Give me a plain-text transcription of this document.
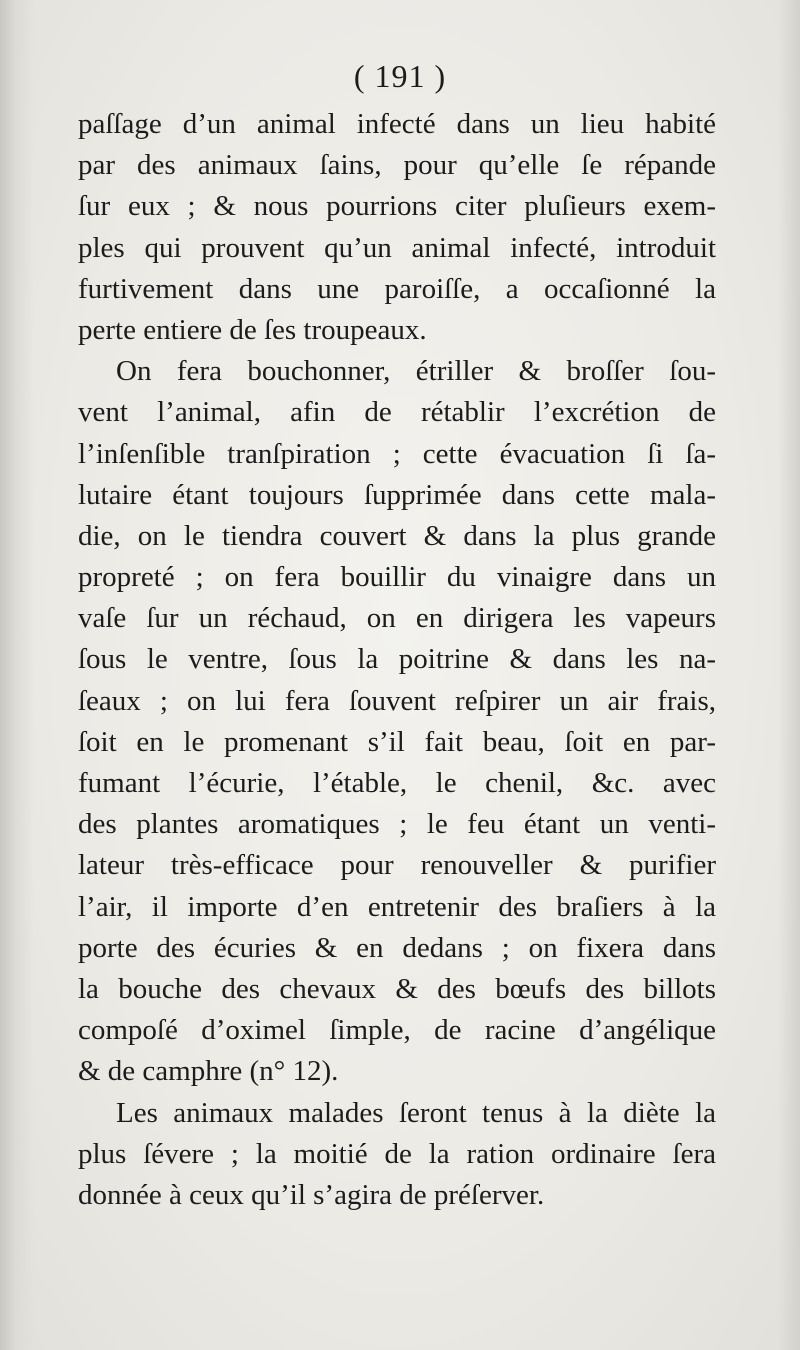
( 191 )
paſſage d’un animal infecté dans un lieu habité
par des animaux ſains, pour qu’elle ſe répande
ſur eux ; & nous pourrions citer pluſieurs exem-
ples qui prouvent qu’un animal infecté, introduit
furtivement dans une paroiſſe, a occaſionné la
perte entiere de ſes troupeaux.
On fera bouchonner, étriller & broſſer ſou-
vent l’animal, afin de rétablir l’excrétion de
l’inſenſible tranſpiration ; cette évacuation ſi ſa-
lutaire étant toujours ſupprimée dans cette mala-
die, on le tiendra couvert & dans la plus grande
propreté ; on fera bouillir du vinaigre dans un
vaſe ſur un réchaud, on en dirigera les vapeurs
ſous le ventre, ſous la poitrine & dans les na-
ſeaux ; on lui fera ſouvent reſpirer un air frais,
ſoit en le promenant s’il fait beau, ſoit en par-
fumant l’écurie, l’étable, le chenil, &c. avec
des plantes aromatiques ; le feu étant un venti-
lateur très-efficace pour renouveller & purifier
l’air, il importe d’en entretenir des braſiers à la
porte des écuries & en dedans ; on fixera dans
la bouche des chevaux & des bœufs des billots
compoſé d’oximel ſimple, de racine d’angélique
& de camphre (n° 12).
Les animaux malades ſeront tenus à la diète la
plus ſévere ; la moitié de la ration ordinaire ſera
donnée à ceux qu’il s’agira de préſerver.
